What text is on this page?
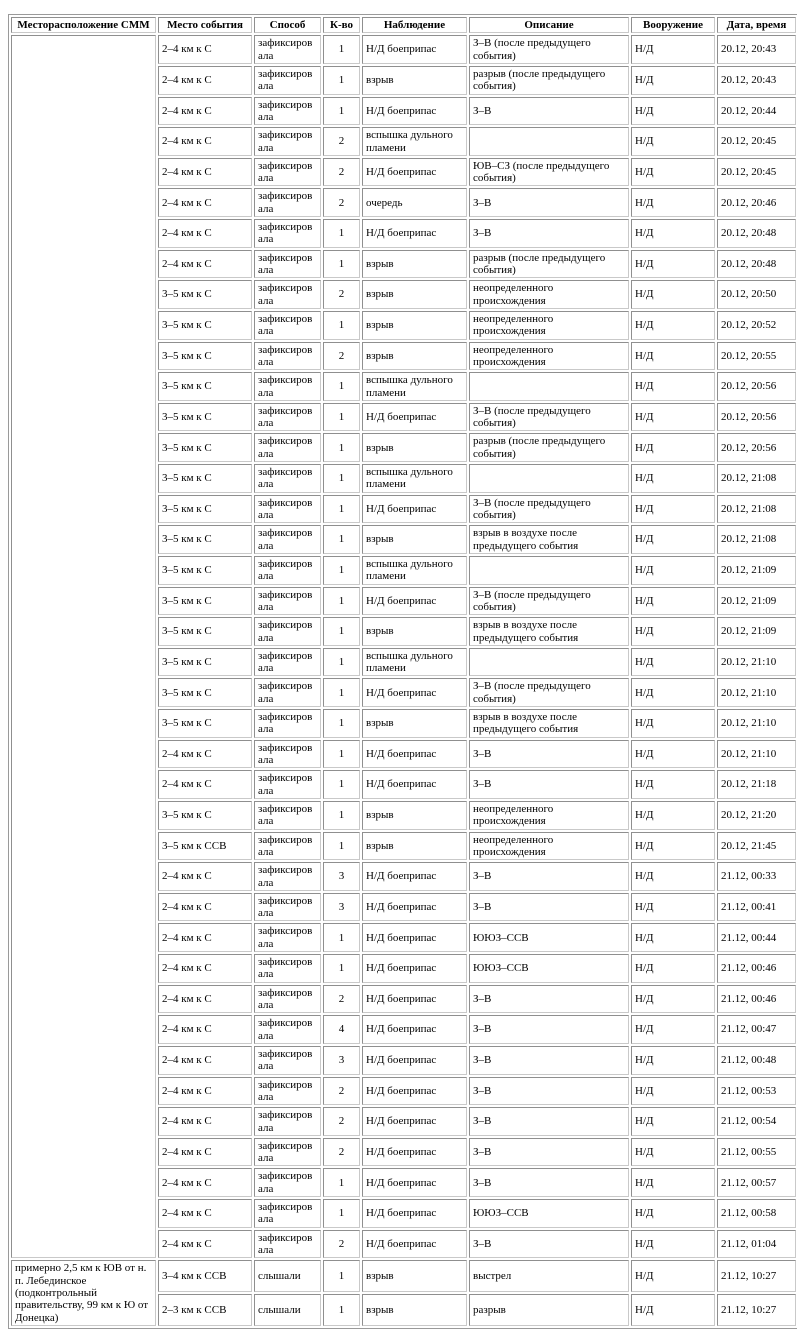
Месторасположение СММ	Место события	Способ	К-во	Наблюдение	Описание	Вооружение	Дата, время
	2–4 км к С	зафиксировала	1	Н/Д боеприпас	З–В (после предыдущего события)	Н/Д	20.12, 20:43
	2–4 км к С	зафиксировала	1	взрыв	разрыв (после предыдущего события)	Н/Д	20.12, 20:43
	2–4 км к С	зафиксировала	1	Н/Д боеприпас	З–В	Н/Д	20.12, 20:44
	2–4 км к С	зафиксировала	2	вспышка дульного пламени		Н/Д	20.12, 20:45
	2–4 км к С	зафиксировала	2	Н/Д боеприпас	ЮВ–СЗ (после предыдущего события)	Н/Д	20.12, 20:45
	2–4 км к С	зафиксировала	2	очередь	З–В	Н/Д	20.12, 20:46
	2–4 км к С	зафиксировала	1	Н/Д боеприпас	З–В	Н/Д	20.12, 20:48
	2–4 км к С	зафиксировала	1	взрыв	разрыв (после предыдущего события)	Н/Д	20.12, 20:48
	3–5 км к С	зафиксировала	2	взрыв	неопределенного происхождения	Н/Д	20.12, 20:50
	3–5 км к С	зафиксировала	1	взрыв	неопределенного происхождения	Н/Д	20.12, 20:52
	3–5 км к С	зафиксировала	2	взрыв	неопределенного происхождения	Н/Д	20.12, 20:55
	3–5 км к С	зафиксировала	1	вспышка дульного пламени		Н/Д	20.12, 20:56
	3–5 км к С	зафиксировала	1	Н/Д боеприпас	З–В (после предыдущего события)	Н/Д	20.12, 20:56
	3–5 км к С	зафиксировала	1	взрыв	разрыв (после предыдущего события)	Н/Д	20.12, 20:56
	3–5 км к С	зафиксировала	1	вспышка дульного пламени		Н/Д	20.12, 21:08
	3–5 км к С	зафиксировала	1	Н/Д боеприпас	З–В (после предыдущего события)	Н/Д	20.12, 21:08
	3–5 км к С	зафиксировала	1	взрыв	взрыв в воздухе после предыдущего события	Н/Д	20.12, 21:08
	3–5 км к С	зафиксировала	1	вспышка дульного пламени		Н/Д	20.12, 21:09
	3–5 км к С	зафиксировала	1	Н/Д боеприпас	З–В (после предыдущего события)	Н/Д	20.12, 21:09
	3–5 км к С	зафиксировала	1	взрыв	взрыв в воздухе после предыдущего события	Н/Д	20.12, 21:09
	3–5 км к С	зафиксировала	1	вспышка дульного пламени		Н/Д	20.12, 21:10
	3–5 км к С	зафиксировала	1	Н/Д боеприпас	З–В (после предыдущего события)	Н/Д	20.12, 21:10
	3–5 км к С	зафиксировала	1	взрыв	взрыв в воздухе после предыдущего события	Н/Д	20.12, 21:10
	2–4 км к С	зафиксировала	1	Н/Д боеприпас	З–В	Н/Д	20.12, 21:10
	2–4 км к С	зафиксировала	1	Н/Д боеприпас	З–В	Н/Д	20.12, 21:18
	3–5 км к С	зафиксировала	1	взрыв	неопределенного происхождения	Н/Д	20.12, 21:20
	3–5 км к ССВ	зафиксировала	1	взрыв	неопределенного происхождения	Н/Д	20.12, 21:45
	2–4 км к С	зафиксировала	3	Н/Д боеприпас	З–В	Н/Д	21.12, 00:33
	2–4 км к С	зафиксировала	3	Н/Д боеприпас	З–В	Н/Д	21.12, 00:41
	2–4 км к С	зафиксировала	1	Н/Д боеприпас	ЮЮЗ–ССВ	Н/Д	21.12, 00:44
	2–4 км к С	зафиксировала	1	Н/Д боеприпас	ЮЮЗ–ССВ	Н/Д	21.12, 00:46
	2–4 км к С	зафиксировала	2	Н/Д боеприпас	З–В	Н/Д	21.12, 00:46
	2–4 км к С	зафиксировала	4	Н/Д боеприпас	З–В	Н/Д	21.12, 00:47
	2–4 км к С	зафиксировала	3	Н/Д боеприпас	З–В	Н/Д	21.12, 00:48
	2–4 км к С	зафиксировала	2	Н/Д боеприпас	З–В	Н/Д	21.12, 00:53
	2–4 км к С	зафиксировала	2	Н/Д боеприпас	З–В	Н/Д	21.12, 00:54
	2–4 км к С	зафиксировала	2	Н/Д боеприпас	З–В	Н/Д	21.12, 00:55
	2–4 км к С	зафиксировала	1	Н/Д боеприпас	З–В	Н/Д	21.12, 00:57
	2–4 км к С	зафиксировала	1	Н/Д боеприпас	ЮЮЗ–ССВ	Н/Д	21.12, 00:58
	2–4 км к С	зафиксировала	2	Н/Д боеприпас	З–В	Н/Д	21.12, 01:04
примерно 2,5 км к ЮВ от н. п. Лебединское (подконтрольный правительству, 99 км к Ю от Донецка)	3–4 км к ССВ	слышали	1	взрыв	выстрел	Н/Д	21.12, 10:27
	2–3 км к ССВ	слышали	1	взрыв	разрыв	Н/Д	21.12, 10:27
